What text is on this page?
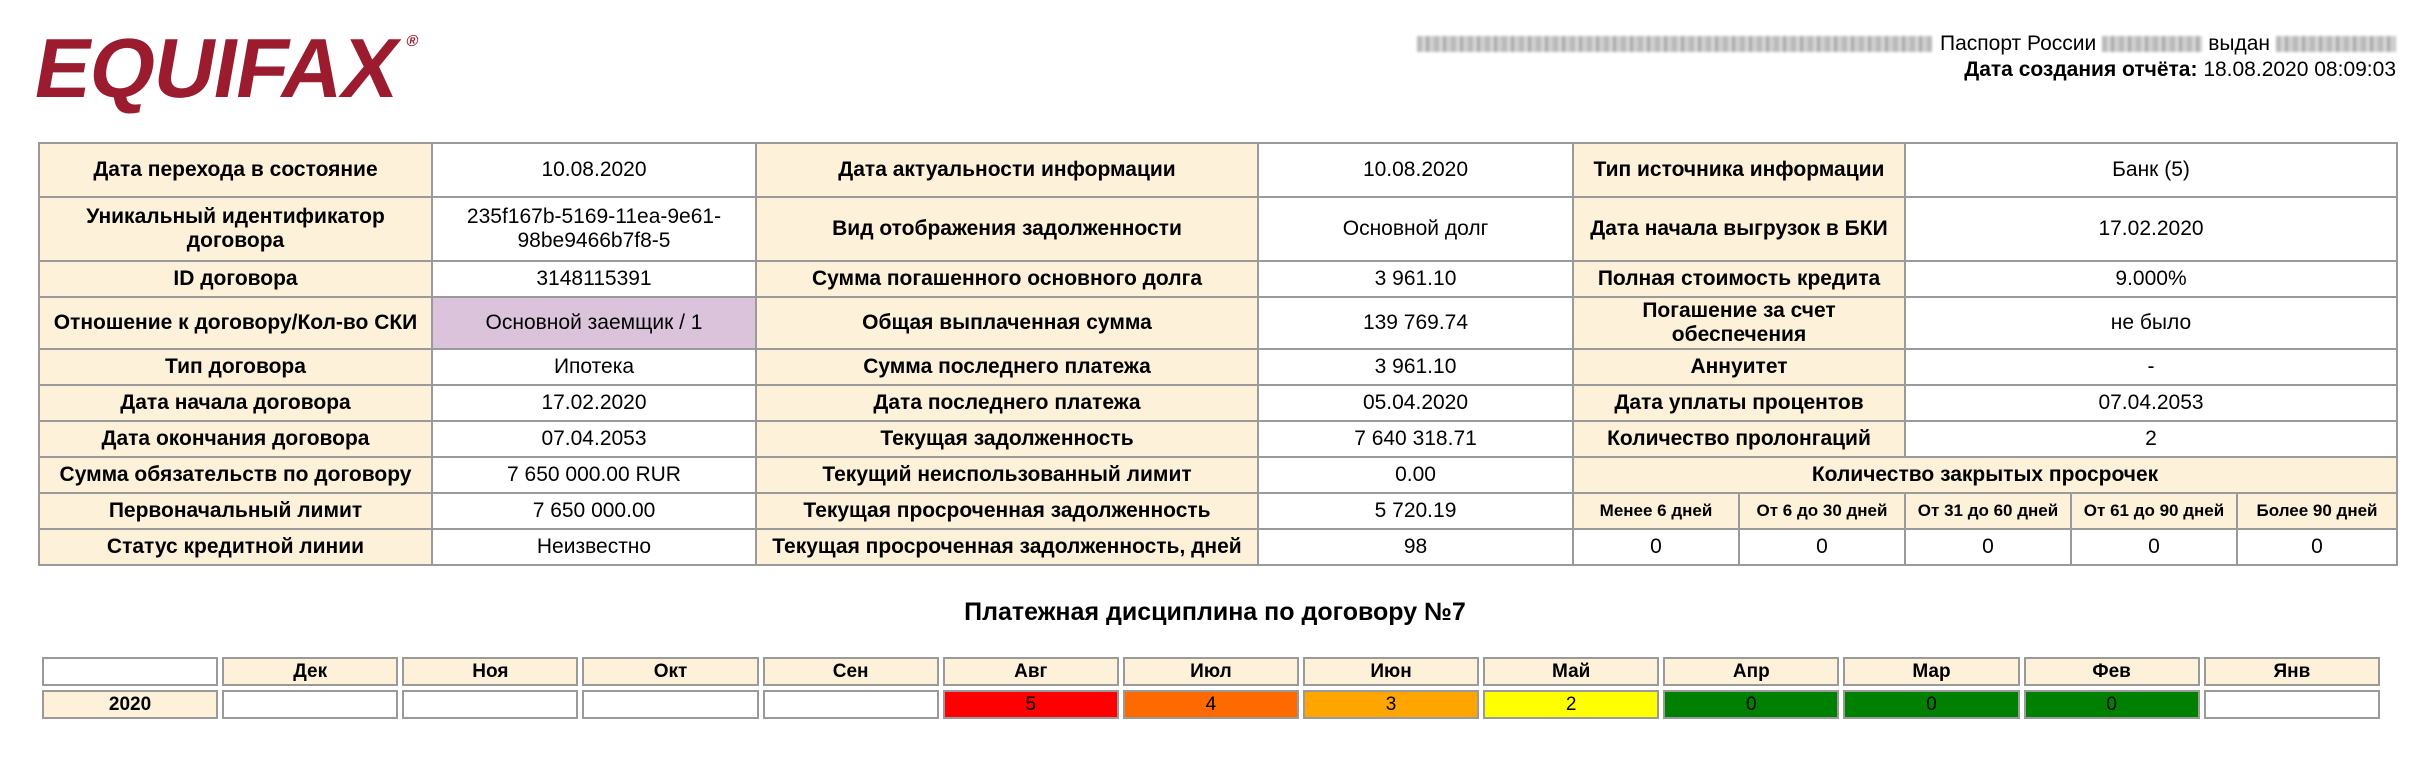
EQUIFAX®	Паспорт России	выдан
Дата создания отчёта: 18.08.2020 08:09:03
Дата перехода в состояние	10.08.2020	Дата актуальности информации	10.08.2020	Тип источника информации		Банк (5)		
Уникальный идентификатор договора	235f167b-5169-11ea-9e61-98be9466b7f8-5	Вид отображения задолженности	Основной долг	Дата начала выгрузок в БКИ		17.02.2020		
ID договора	3148115391	Сумма погашенного основного долга	3 961.10	Полная стоимость кредита		9.000%		
Отношение к договору/Кол-во СКИ	Основной заемщик / 1	Общая выплаченная сумма	139 769.74	Погашение за счет обеспечения		не было		
Тип договора	Ипотека	Сумма последнего платежа	3 961.10	Аннуитет		-		
Дата начала договора	17.02.2020	Дата последнего платежа	05.04.2020	Дата уплаты процентов		07.04.2053		
Дата окончания договора	07.04.2053	Текущая задолженность	7 640 318.71	Количество пролонгаций		2		
Сумма обязательств по договору	7 650 000.00 RUR	Текущий неиспользованный лимит	0.00	Количество закрытых просрочек				
Первоначальный лимит	7 650 000.00	Текущая просроченная задолженность	5 720.19	Менее 6 дней	От 6 до 30 дней	От 31 до 60 дней	От 61 до 90 дней	Более 90 дней
Статус кредитной линии	Неизвестно	Текущая просроченная задолженность, дней	98	0	0	0	0	0
Платежная дисциплина по договору №7
	Дек	Ноя	Окт	Сен	Авг	Июл	Июн	Май	Апр	Мар	Фев	Янв
2020					5	4	3	2	0	0	0	
